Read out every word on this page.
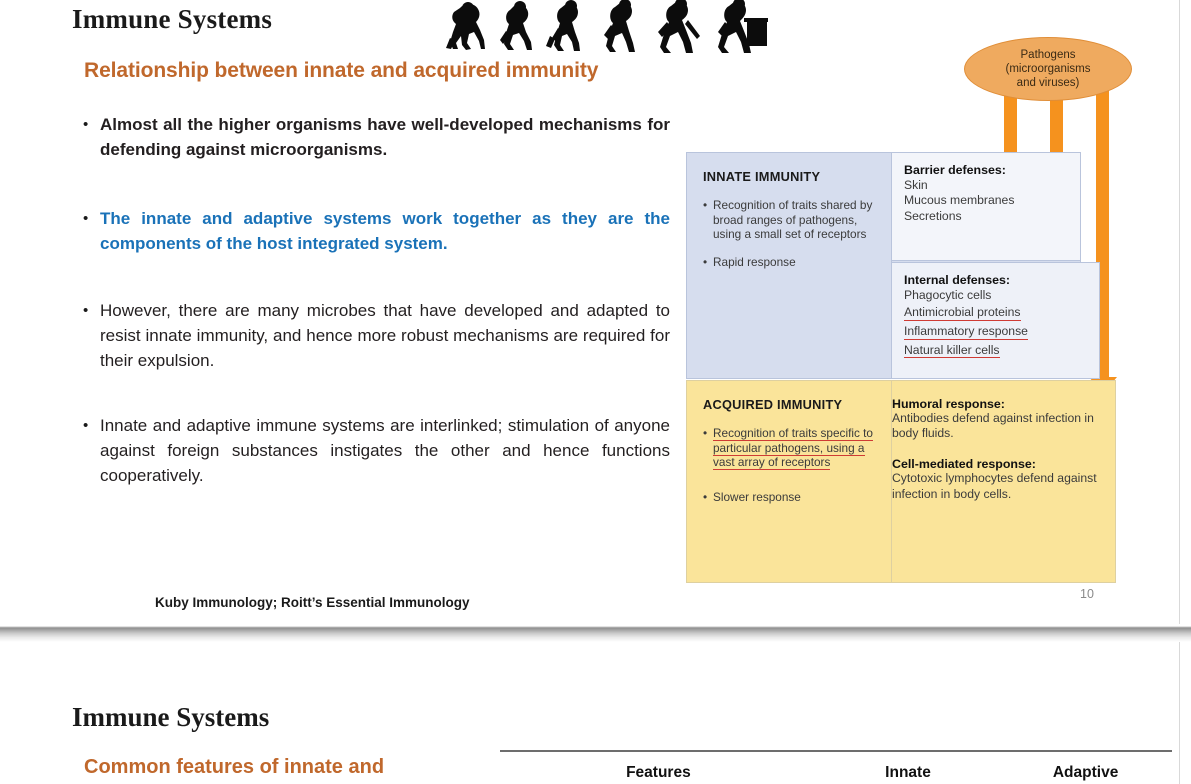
Immune Systems
Relationship between innate and acquired immunity
• Almost all the higher organisms have well-developed mechanisms for defending against microorganisms.
• The innate and adaptive systems work together as they are the components of the host integrated system.
• However, there are many microbes that have developed and adapted to resist innate immunity, and hence more robust mechanisms are required for their expulsion.
• Innate and adaptive immune systems are interlinked; stimulation of anyone against foreign substances instigates the other and hence functions cooperatively.
Kuby Immunology; Roitt’s Essential Immunology
10
Pathogens
(microorganisms
and viruses)
INNATE IMMUNITY
• Recognition of traits shared by broad ranges of pathogens, using a small set of receptors
• Rapid response
Barrier defenses:
Skin
Mucous membranes
Secretions
Internal defenses:
Phagocytic cells
Antimicrobial proteins Inflammatory response Natural killer cells
ACQUIRED IMMUNITY
• Recognition of traits specific to particular pathogens, using a vast array of receptors
• Slower response
Humoral response:
Antibodies defend against infection in body fluids.
Cell-mediated response:
Cytotoxic lymphocytes defend against infection in body cells.
Immune Systems
Common features of innate and	Features	Innate	Adaptive
